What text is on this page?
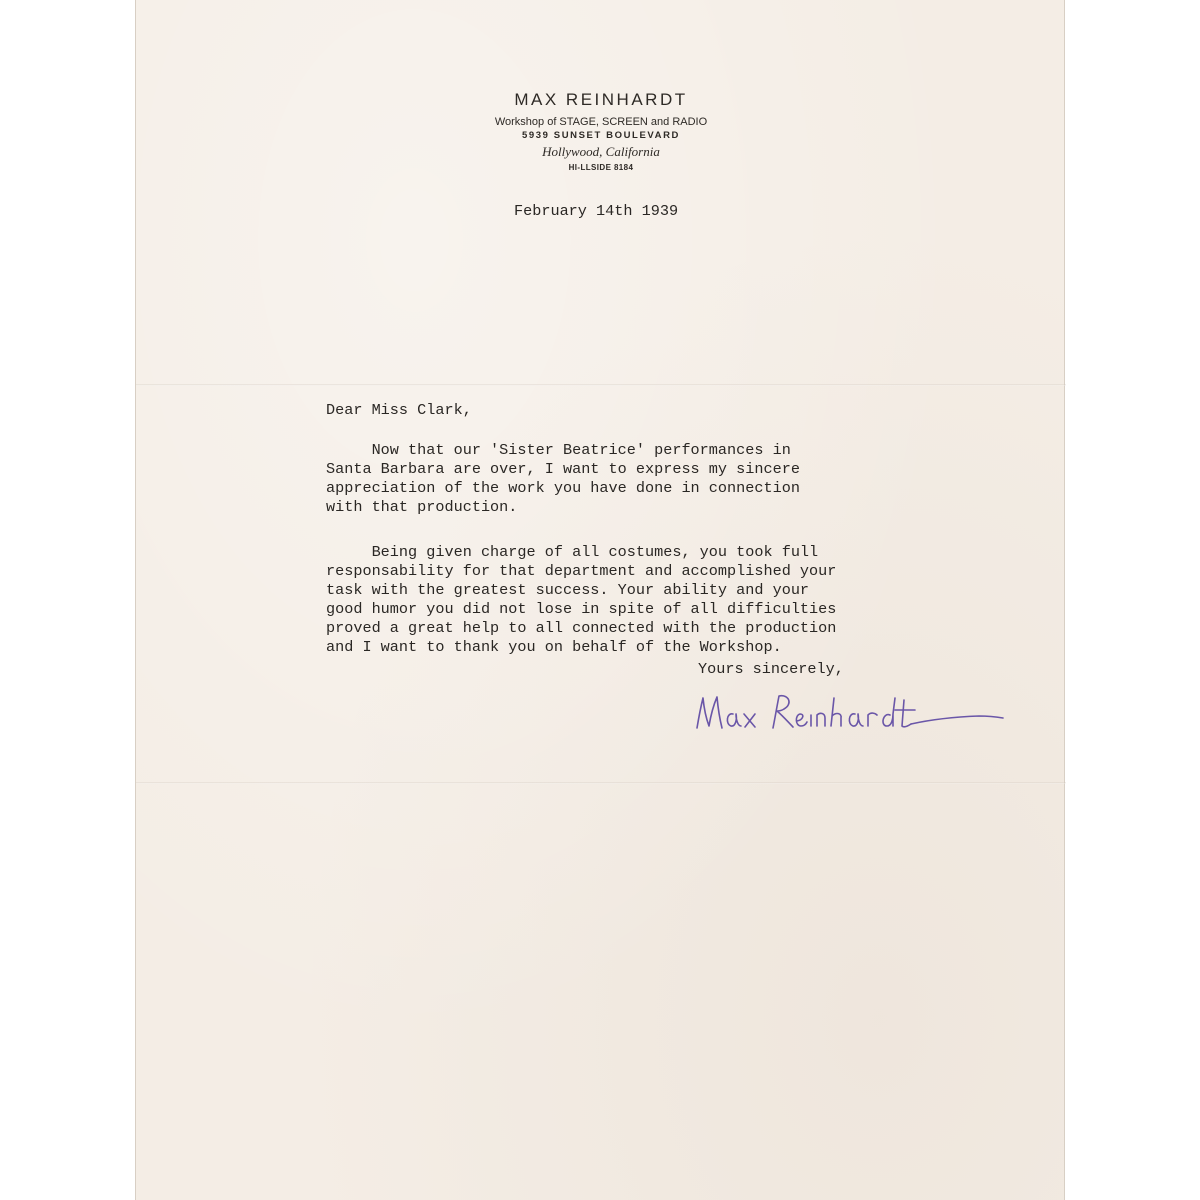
MAX REINHARDT

Workshop of STAGE, SCREEN and RADIO

5939 SUNSET BOULEVARD

Hollywood, California

HI-LLSIDE 8184

February 14th 1939

Dear Miss Clark,

Now that our 'Sister Beatrice' performances in
Santa Barbara are over, I want to express my sincere
appreciation of the work you have done in connection
with that production.

Being given charge of all costumes, you took full
responsability for that department and accomplished your
task with the greatest success. Your ability and your
good humor you did not lose in spite of all difficulties
proved a great help to all connected with the production
and I want to thank you on behalf of the Workshop.

Yours sincerely,
